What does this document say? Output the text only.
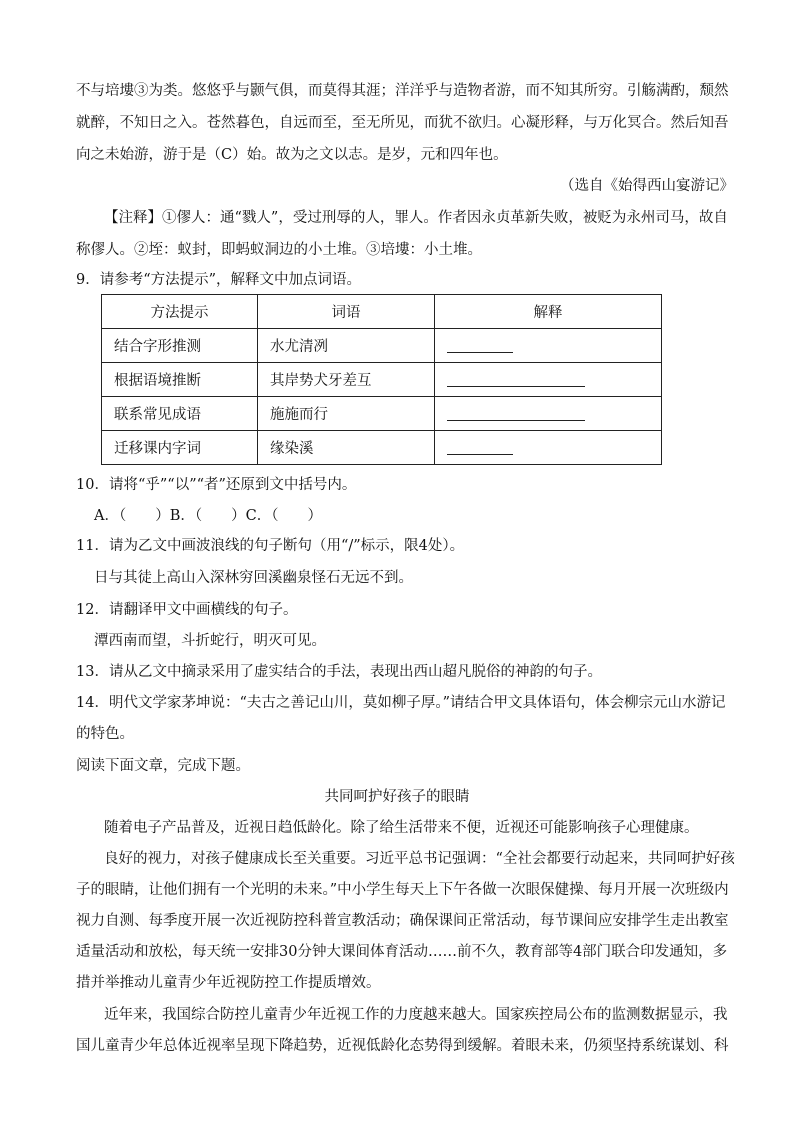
不与培塿③为类。悠悠乎与颢气俱，而莫得其涯；洋洋乎与造物者游，而不知其所穷。引觞满酌，颓然
就醉，不知日之入。苍然暮色，自远而至，至无所见，而犹不欲归。心凝形释，与万化冥合。然后知吾
向之未始游，游于是（C）始。故为之文以志。是岁，元和四年也。
（选自《始得西山宴游记》
【注释】①僇人：通“戮人”，受过刑辱的人，罪人。作者因永贞革新失败，被贬为永州司马，故自
称僇人。②垤：蚁封，即蚂蚁洞边的小土堆。③培塿：小土堆。
9．请参考“方法提示”，解释文中加点词语。
方法提示	词语	解释
结合字形推测	水尤清冽	
根据语境推断	其岸势犬牙差互	
联系常见成语	施施而行	
迁移课内字词	缘染溪	
10．请将“乎”“以”“者”还原到文中括号内。
A．（　　）B．（　　）C．（　　）
11．请为乙文中画波浪线的句子断句（用“/”标示，限4处）。
日与其徒上高山入深林穷回溪幽泉怪石无远不到。
12．请翻译甲文中画横线的句子。
潭西南而望，斗折蛇行，明灭可见。
13．请从乙文中摘录采用了虚实结合的手法，表现出西山超凡脱俗的神韵的句子。
14．明代文学家茅坤说：“夫古之善记山川，莫如柳子厚。”请结合甲文具体语句，体会柳宗元山水游记
的特色。
阅读下面文章，完成下题。
共同呵护好孩子的眼睛
随着电子产品普及，近视日趋低龄化。除了给生活带来不便，近视还可能影响孩子心理健康。
良好的视力，对孩子健康成长至关重要。习近平总书记强调：“全社会都要行动起来，共同呵护好孩
子的眼睛，让他们拥有一个光明的未来。”中小学生每天上下午各做一次眼保健操、每月开展一次班级内
视力自测、每季度开展一次近视防控科普宣教活动；确保课间正常活动，每节课间应安排学生走出教室
适量活动和放松，每天统一安排30分钟大课间体育活动……前不久，教育部等4部门联合印发通知，多
措并举推动儿童青少年近视防控工作提质增效。
近年来，我国综合防控儿童青少年近视工作的力度越来越大。国家疾控局公布的监测数据显示，我
国儿童青少年总体近视率呈现下降趋势，近视低龄化态势得到缓解。着眼未来，仍须坚持系统谋划、科
